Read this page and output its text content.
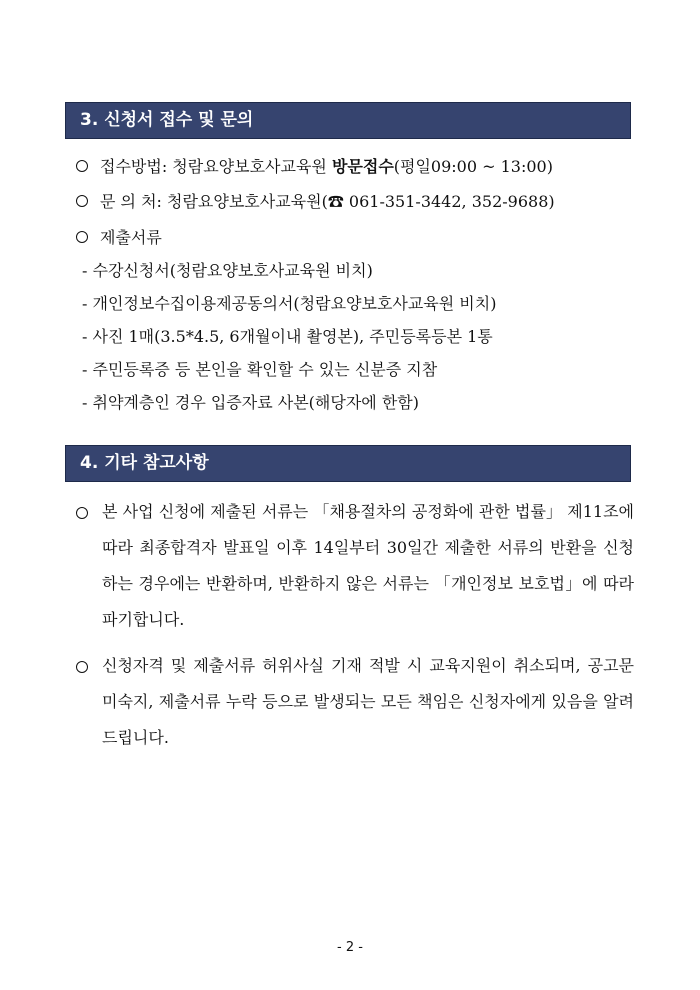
3. 신청서 접수 및 문의
접수방법: 청람요양보호사교육원 방문접수(평일09:00 ~ 13:00)
문 의 처: 청람요양보호사교육원(☎ 061-351-3442, 352-9688)
제출서류
- 수강신청서(청람요양보호사교육원 비치)
- 개인정보수집이용제공동의서(청람요양보호사교육원 비치)
- 사진 1매(3.5*4.5, 6개월이내 촬영본), 주민등록등본 1통
- 주민등록증 등 본인을 확인할 수 있는 신분증 지참
- 취약계층인 경우 입증자료 사본(해당자에 한함)
4. 기타 참고사항
본 사업 신청에 제출된 서류는 「채용절차의 공정화에 관한 법률」 제11조에 따라 최종합격자 발표일 이후 14일부터 30일간 제출한 서류의 반환을 신청하는 경우에는 반환하며, 반환하지 않은 서류는 「개인정보 보호법」에 따라 파기합니다.
신청자격 및 제출서류 허위사실 기재 적발 시 교육지원이 취소되며, 공고문 미숙지, 제출서류 누락 등으로 발생되는 모든 책임은 신청자에게 있음을 알려드립니다.
- 2 -
